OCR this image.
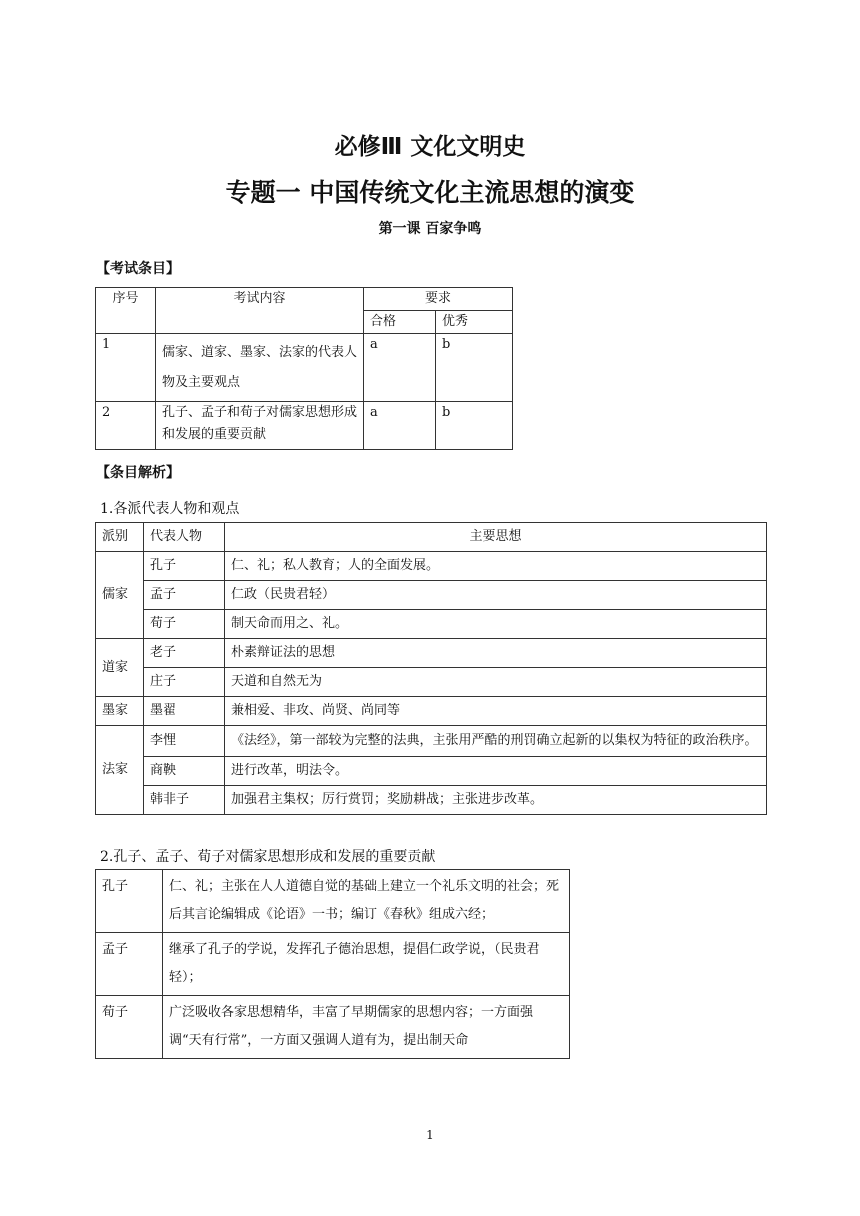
必修Ⅲ 文化文明史
专题一 中国传统文化主流思想的演变
第一课 百家争鸣
【考试条目】
序号	考试内容	要求	
		合格	优秀
1	儒家、道家、墨家、法家的代表人物及主要观点	a	b
2	孔子、孟子和荀子对儒家思想形成和发展的重要贡献	a	b
【条目解析】
1.各派代表人物和观点
派别	代表人物	主要思想
儒家	孔子	仁、礼；私人教育；人的全面发展。
	孟子	仁政（民贵君轻）
	荀子	制天命而用之、礼。
道家	老子	朴素辩证法的思想
	庄子	天道和自然无为
墨家	墨翟	兼相爱、非攻、尚贤、尚同等
法家	李悝	《法经》，第一部较为完整的法典，主张用严酷的刑罚确立起新的以集权为特征的政治秩序。
	商鞅	进行改革，明法令。
	韩非子	加强君主集权；厉行赏罚；奖励耕战；主张进步改革。
2.孔子、孟子、荀子对儒家思想形成和发展的重要贡献
孔子	仁、礼；主张在人人道德自觉的基础上建立一个礼乐文明的社会；死后其言论编辑成《论语》一书；编订《春秋》组成六经；
孟子	继承了孔子的学说，发挥孔子德治思想，提倡仁政学说，（民贵君轻）；
荀子	广泛吸收各家思想精华，丰富了早期儒家的思想内容；一方面强调“天有行常”，一方面又强调人道有为，提出制天命
1
